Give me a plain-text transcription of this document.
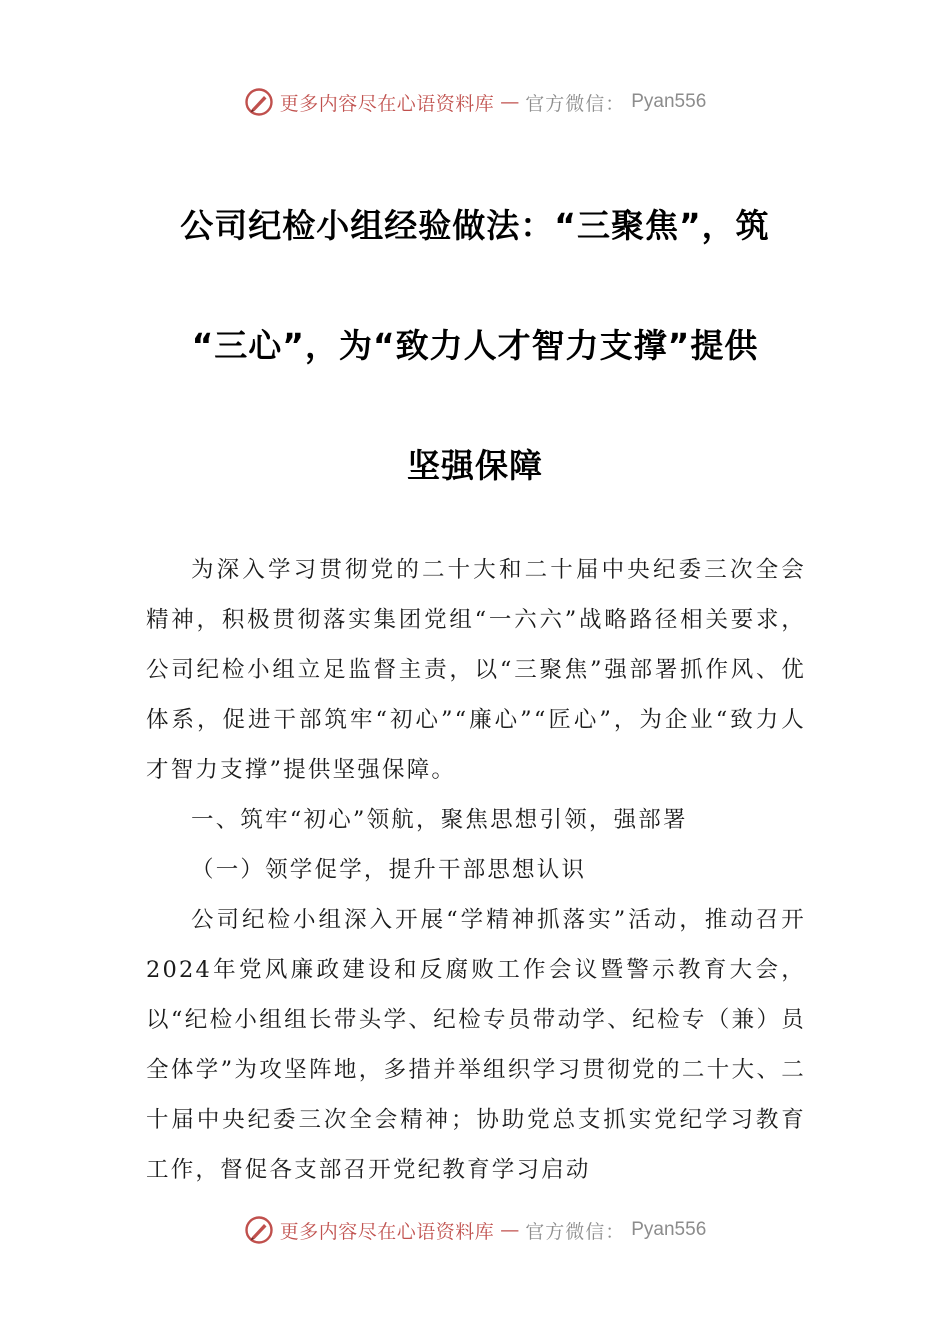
更多内容尽在心语资料库 — 官方微信： Pyan556
公司纪检小组经验做法：“三聚焦”，筑
“三心”，为“致力人才智力支撑”提供
坚强保障

为深入学习贯彻党的二十大和二十届中央纪委三次全会精神，积极贯彻落实集团党组“一六六”战略路径相关要求，公司纪检小组立足监督主责，以“三聚焦”强部署抓作风、优体系，促进干部筑牢“初心”“廉心”“匠心”，为企业“致力人才智力支撑”提供坚强保障。

一、筑牢“初心”领航，聚焦思想引领，强部署

（一）领学促学，提升干部思想认识

公司纪检小组深入开展“学精神抓落实”活动，推动召开2024年党风廉政建设和反腐败工作会议暨警示教育大会，以“纪检小组组长带头学、纪检专员带动学、纪检专（兼）员全体学”为攻坚阵地，多措并举组织学习贯彻党的二十大、二十届中央纪委三次全会精神；协助党总支抓实党纪学习教育工作，督促各支部召开党纪教育学习启动

更多内容尽在心语资料库 — 官方微信： Pyan556
